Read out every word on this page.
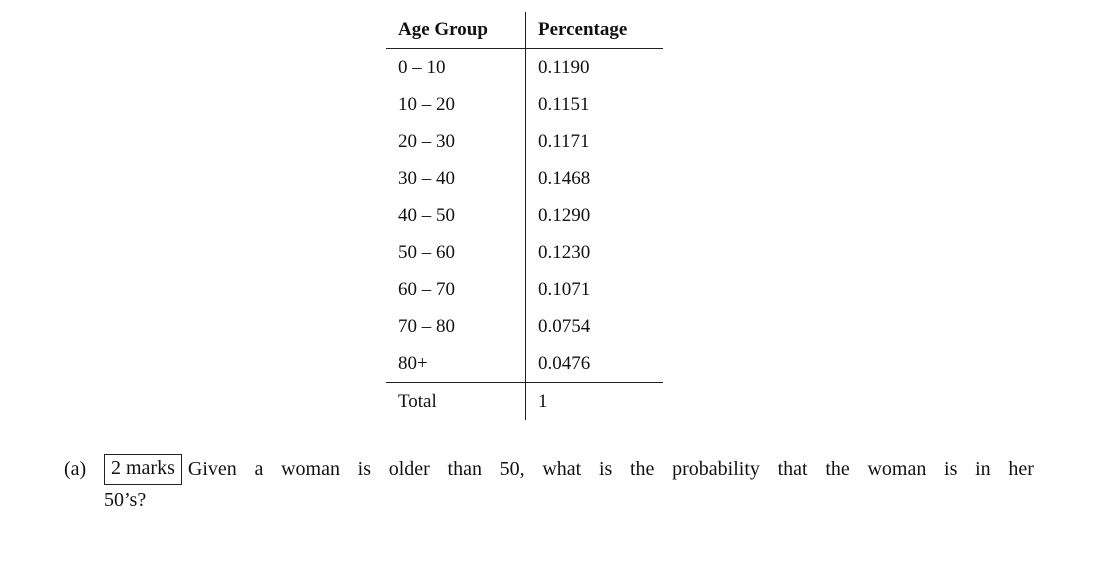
Age Group	Percentage
0 – 10	0.1190
10 – 20	0.1151
20 – 30	0.1171
30 – 40	0.1468
40 – 50	0.1290
50 – 60	0.1230
60 – 70	0.1071
70 – 80	0.0754
80+	0.0476
Total	1
(a)	2 marks Given a woman is older than 50, what is the probability that the woman is in her
50’s?
